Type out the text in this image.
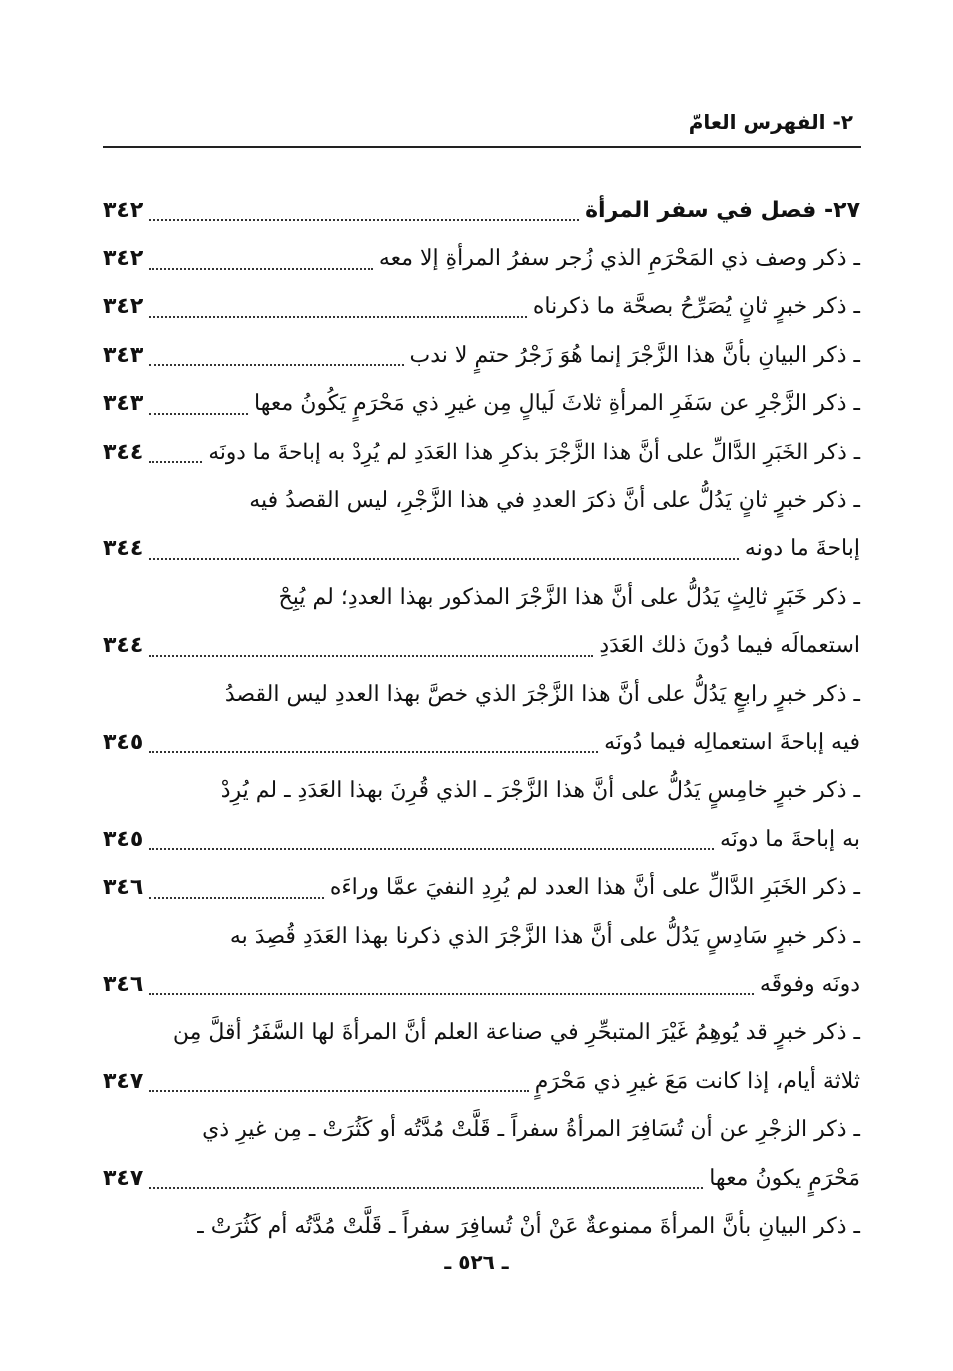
٢- الفهرس العامّ
٢٧- فصل في سفر المرأة
٣٤٢
ـ ذكر وصف ذي المَحْرَمِ الذي زُجر سفرُ المرأةِ إلا معه
٣٤٢
ـ ذكر خبرٍ ثانٍ يُصَرِّحُ بصحَّة ما ذكرناه
٣٤٢
ـ ذكر البيانِ بأنَّ هذا الزَّجْرَ إنما هُوَ زَجْرُ حتمٍ لا ندب
٣٤٣
ـ ذكر الزَّجْرِ عن سَفَرِ المرأةِ ثلاثَ لَيالٍ مِن غيرِ ذي مَحْرَمٍ يَكُونُ معها
٣٤٣
ـ ذكر الخَبَرِ الدَّالِّ على أنَّ هذا الزَّجْرَ بذكرِ هذا العَدَدِ لم يُرِدْ به إباحةَ ما دونَه
٣٤٤
ـ ذكر خبرٍ ثانٍ يَدُلُّ على أنَّ ذكرَ العددِ في هذا الزَّجْرِ، ليس القصدُ فيه
إباحةَ ما دونه
٣٤٤
ـ ذكر خَبَرٍ ثالِثٍ يَدُلُّ على أنَّ هذا الزَّجْرَ المذكور بهذا العددِ؛ لم يُبِحْ
استعمالَه فيما دُونَ ذلك العَدَدِ
٣٤٤
ـ ذكر خبرٍ رابعٍ يَدُلُّ على أنَّ هذا الزَّجْرَ الذي خصَّ بهذا العددِ ليس القصدُ
فيه إباحةَ استعمالِه فيما دُونَه
٣٤٥
ـ ذكر خبرٍ خامِسٍ يَدُلُّ على أنَّ هذا الزَّجْرَ ـ الذي قُرِنَ بهذا العَدَدِ ـ لم يُرِدْ
به إباحةَ ما دونَه
٣٤٥
ـ ذكر الخَبَرِ الدَّالِّ على أنَّ هذا العدد لم يُرِدِ النفيَ عمَّا وراءَه
٣٤٦
ـ ذكر خبرٍ سَادِسٍ يَدُلُّ على أنَّ هذا الزَّجْرَ الذي ذكرنا بهذا العَدَدِ قُصِدَ به
دونَه وفوقَه
٣٤٦
ـ ذكر خبرٍ قد يُوهِمُ غَيْرَ المتبحِّرِ في صناعة العلم أنَّ المرأةَ لها السَّفَرُ أقلَّ مِن
ثلاثة أيام، إذا كانت مَعَ غيرِ ذي مَحْرَمٍ
٣٤٧
ـ ذكر الزجْرِ عن أن تُسَافِرَ المرأةُ سفراً ـ قَلَّتْ مُدَّتُه أو كَثُرَتْ ـ مِن غيرِ ذي
مَحْرَمٍ يكونُ معها
٣٤٧
ـ ذكر البيانِ بأنَّ المرأةَ ممنوعةٌ عَنْ أنْ تُسافِرَ سفراً ـ قَلَّتْ مُدَّتُه أم كَثُرَتْ ـ
ـ ٥٢٦ ـ
